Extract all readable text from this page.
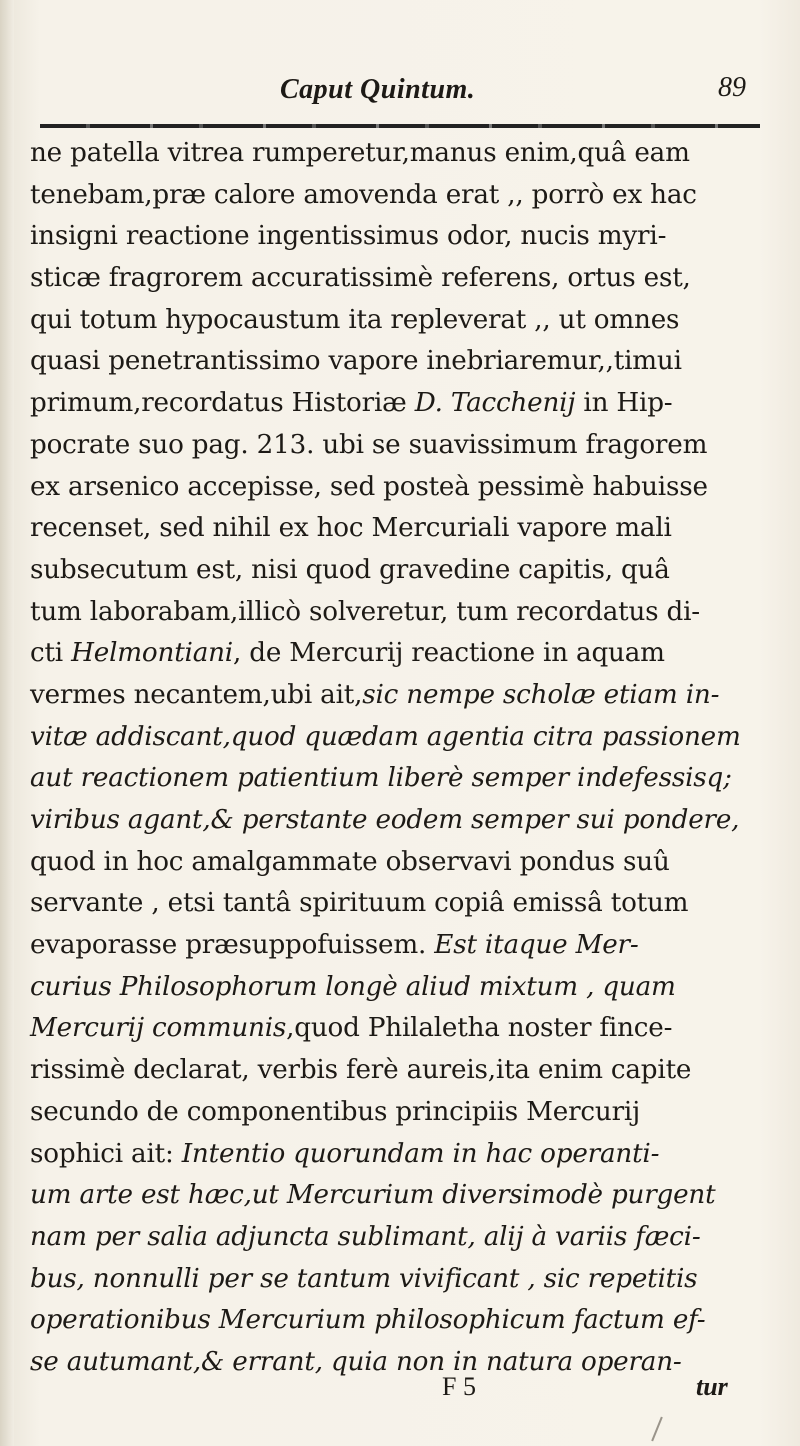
Caput Quintum.	89
ne patella vitrea rumperetur,manus enim,quâ eam
tenebam,præ calore amovenda erat ,, porrò ex hac
insigni reactione ingentissimus odor, nucis myri-
sticæ fragrorem accuratissimè referens, ortus est,
qui totum hypocaustum ita repleverat ,, ut omnes
quasi penetrantissimo vapore inebriaremur,,timui
primum,recordatus Historiæ D. Tacchenij in Hip-
pocrate suo pag. 213. ubi se suavissimum fragorem
ex arsenico accepisse, sed posteà pessimè habuisse
recenset, sed nihil ex hoc Mercuriali vapore mali
subsecutum est, nisi quod gravedine capitis, quâ
tum laborabam,illicò solveretur, tum recordatus di-
cti Helmontiani, de Mercurij reactione in aquam
vermes necantem,ubi ait,sic nempe scholæ etiam in-
vitæ addiscant,quod quædam agentia citra passionem
aut reactionem patientium liberè semper indefessisq;
viribus agant,& perstante eodem semper sui pondere,
quod in hoc amalgammate observavi pondus suû
servante , etsi tantâ spirituum copiâ emissâ totum
evaporasse præsuppofuissem. Est itaque Mer-
curius Philosophorum longè aliud mixtum , quam
Mercurij communis,quod Philaletha noster fince-
rissimè declarat, verbis ferè aureis,ita enim capite
secundo de componentibus principiis Mercurij
sophici ait: Intentio quorundam in hac operanti-
um arte est hæc,ut Mercurium diversimodè purgent
nam per salia adjuncta sublimant, alij à variis fæci-
bus, nonnulli per se tantum vivificant , sic repetitis
operationibus Mercurium philosophicum factum ef-
se autumant,& errant, quia non in natura operan-
F 5	tur
